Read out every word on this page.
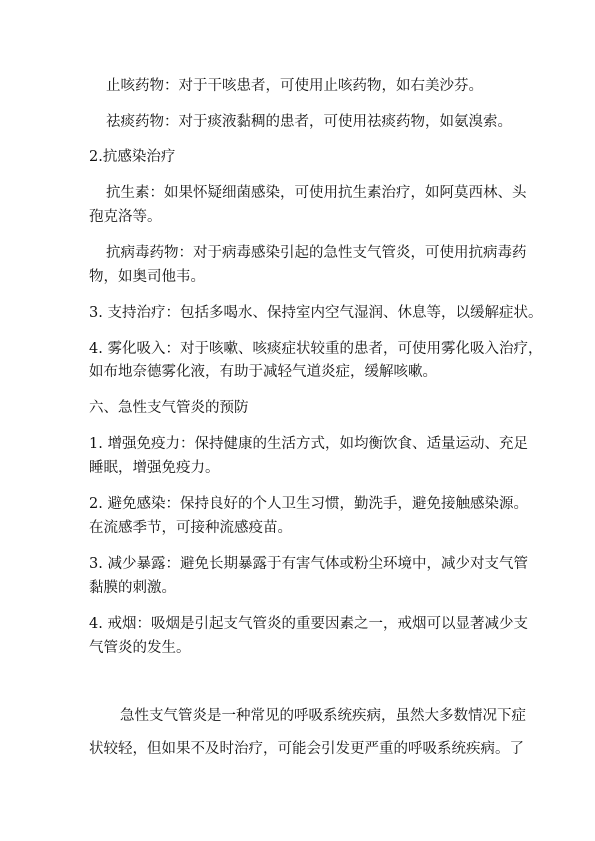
止咳药物：对于干咳患者，可使用止咳药物，如右美沙芬。
祛痰药物：对于痰液黏稠的患者，可使用祛痰药物，如氨溴索。
2.抗感染治疗
抗生素：如果怀疑细菌感染，可使用抗生素治疗，如阿莫西林、头
孢克洛等。
抗病毒药物：对于病毒感染引起的急性支气管炎，可使用抗病毒药
物，如奥司他韦。
3. 支持治疗：包括多喝水、保持室内空气湿润、休息等，以缓解症状。
4. 雾化吸入：对于咳嗽、咳痰症状较重的患者，可使用雾化吸入治疗，
如布地奈德雾化液，有助于减轻气道炎症，缓解咳嗽。
六、急性支气管炎的预防
1. 增强免疫力：保持健康的生活方式，如均衡饮食、适量运动、充足
睡眠，增强免疫力。
2. 避免感染：保持良好的个人卫生习惯，勤洗手，避免接触感染源。
在流感季节，可接种流感疫苗。
3. 减少暴露：避免长期暴露于有害气体或粉尘环境中，减少对支气管
黏膜的刺激。
4. 戒烟：吸烟是引起支气管炎的重要因素之一，戒烟可以显著减少支
气管炎的发生。
急性支气管炎是一种常见的呼吸系统疾病，虽然大多数情况下症
状较轻，但如果不及时治疗，可能会引发更严重的呼吸系统疾病。了
